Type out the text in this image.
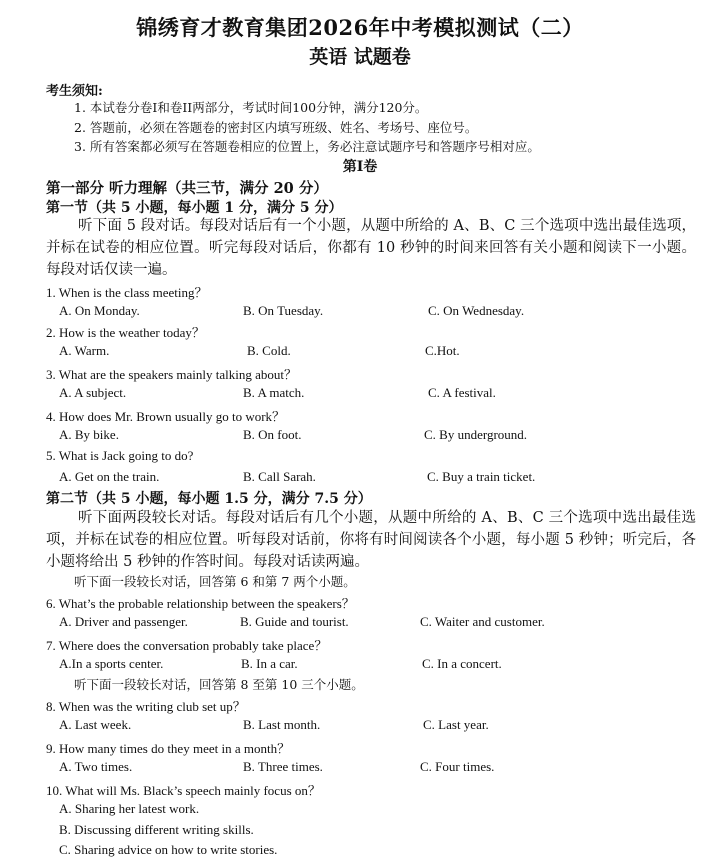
锦绣育才教育集团2026年中考模拟测试（二）
英语 试题卷
考生须知:
1. 本试卷分卷I和卷II两部分，考试时间100分钟，满分120分。
2. 答题前，必须在答题卷的密封区内填写班级、姓名、考场号、座位号。
3. 所有答案都必须写在答题卷相应的位置上，务必注意试题序号和答题序号相对应。
第I卷
第一部分 听力理解（共三节，满分 20 分）
第一节（共 5 小题，每小题 1 分，满分 5 分）
听下面 5 段对话。每段对话后有一个小题，从题中所给的 A、B、C 三个选项中选出最佳选项，并标在试卷的相应位置。听完每段对话后，你都有 10 秒钟的时间来回答有关小题和阅读下一小题。每段对话仅读一遍。
1. When is the class meeting？
A. On Monday.	B. On Tuesday.	C. On Wednesday.
2. How is the weather today？
A. Warm.	B. Cold.	C.Hot.
3. What are the speakers mainly talking about？
A. A subject.	B. A match.	C. A festival.
4. How does Mr. Brown usually go to work？
A. By bike.	B. On foot.	C. By underground.
5. What is Jack going to do?
A. Get on the train.	B. Call Sarah.	C. Buy a train ticket.
第二节（共 5 小题，每小题 1.5 分，满分 7.5 分）
听下面两段较长对话。每段对话后有几个小题，从题中所给的 A、B、C 三个选项中选出最佳选项，并标在试卷的相应位置。听每段对话前，你将有时间阅读各个小题，每小题 5 秒钟；听完后，各小题将给出 5 秒钟的作答时间。每段对话读两遍。
听下面一段较长对话，回答第 6 和第 7 两个小题。
6. What’s the probable relationship between the speakers？
A. Driver and passenger.	B. Guide and tourist.	C. Waiter and customer.
7. Where does the conversation probably take place？
A.In a sports center.	B. In a car.	C. In a concert.
听下面一段较长对话，回答第 8 至第 10 三个小题。
8. When was the writing club set up？
A. Last week.	B. Last month.	C. Last year.
9. How many times do they meet in a month？
A. Two times.	B. Three times.	C. Four times.
10. What will Ms. Black’s speech mainly focus on？
A. Sharing her latest work.
B. Discussing different writing skills.
C. Sharing advice on how to write stories.
